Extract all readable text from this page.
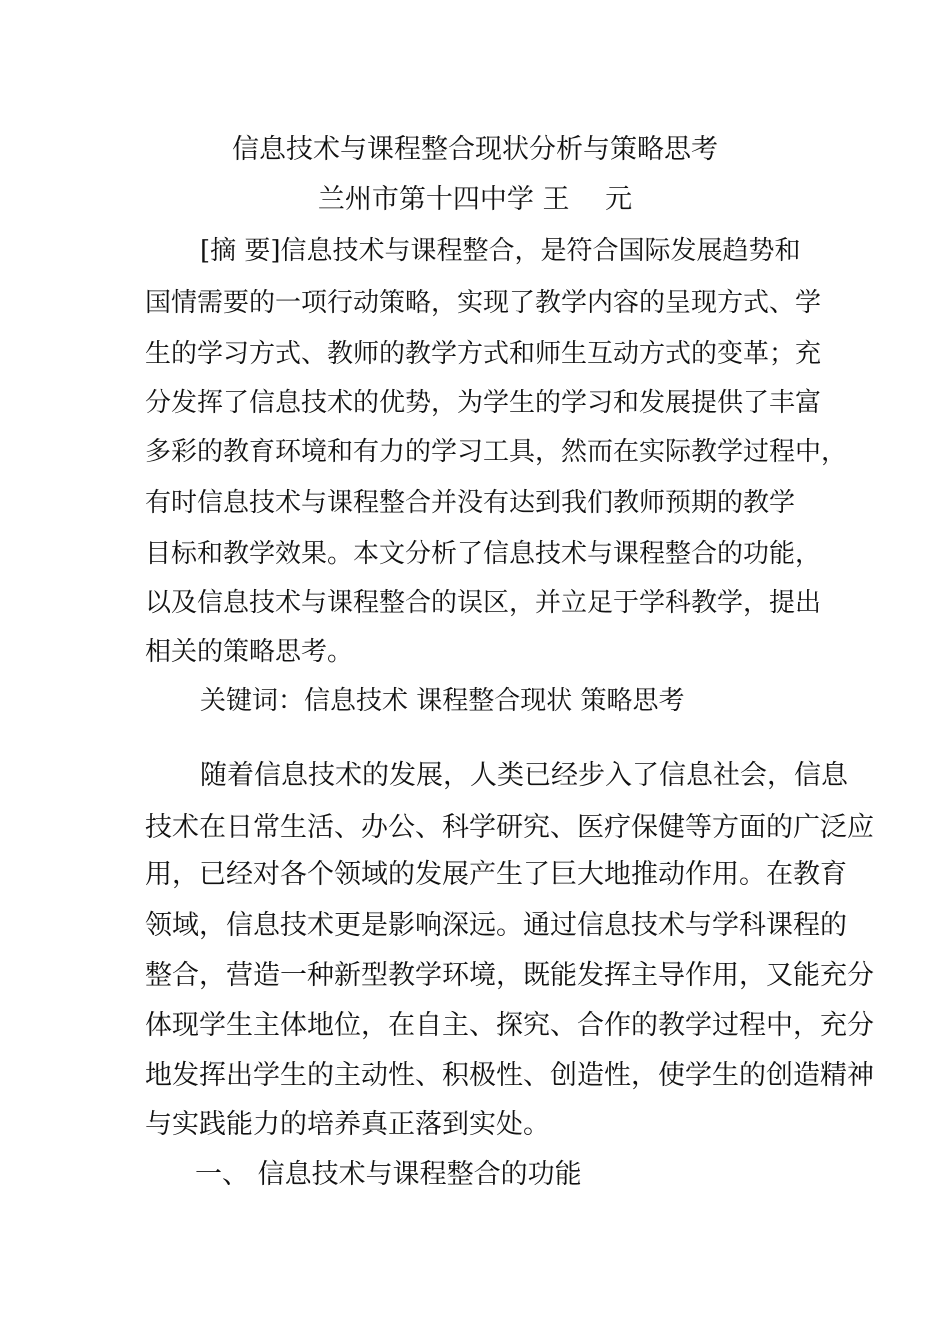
信息技术与课程整合现状分析与策略思考
兰州市第十四中学 王　 元
[摘 要]信息技术与课程整合，是符合国际发展趋势和
国情需要的一项行动策略，实现了教学内容的呈现方式、学
生的学习方式、教师的教学方式和师生互动方式的变革；充
分发挥了信息技术的优势，为学生的学习和发展提供了丰富
多彩的教育环境和有力的学习工具，然而在实际教学过程中，
有时信息技术与课程整合并没有达到我们教师预期的教学
目标和教学效果。本文分析了信息技术与课程整合的功能，
以及信息技术与课程整合的误区，并立足于学科教学，提出
相关的策略思考。
关键词：信息技术 课程整合现状 策略思考
随着信息技术的发展，人类已经步入了信息社会，信息
技术在日常生活、办公、科学研究、医疗保健等方面的广泛应
用，已经对各个领域的发展产生了巨大地推动作用。在教育
领域，信息技术更是影响深远。通过信息技术与学科课程的
整合，营造一种新型教学环境，既能发挥主导作用，又能充分
体现学生主体地位，在自主、探究、合作的教学过程中，充分
地发挥出学生的主动性、积极性、创造性，使学生的创造精神
与实践能力的培养真正落到实处。
一、 信息技术与课程整合的功能
